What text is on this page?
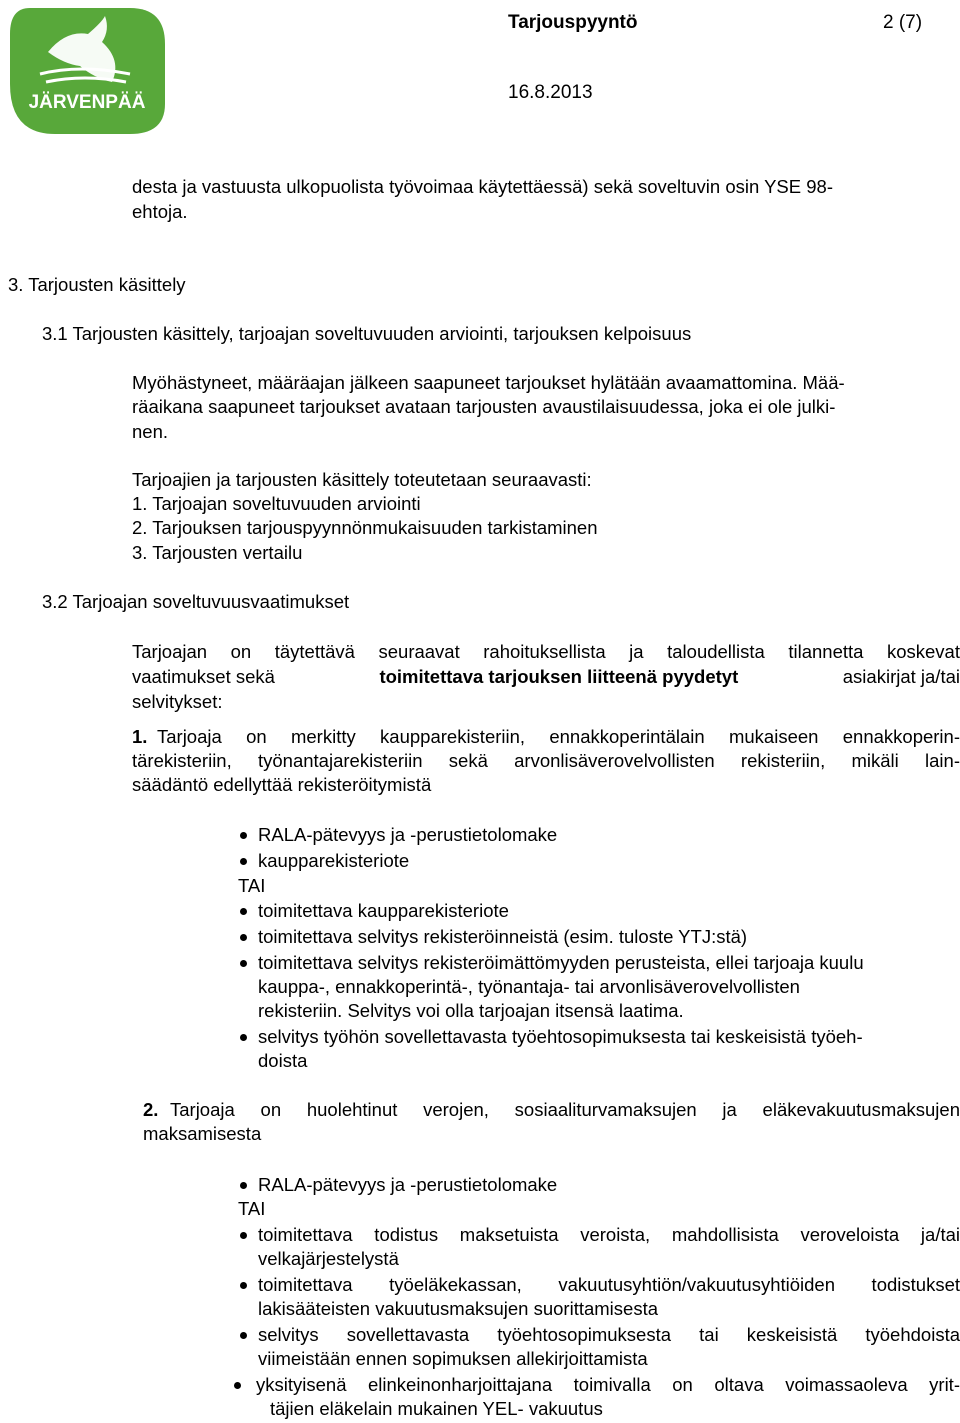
JÄRVENPÄÄ
Tarjouspyyntö	2 (7)
16.8.2013
desta ja vastuusta ulkopuolista työvoimaa käytettäessä) sekä soveltuvin osin YSE 98-
ehtoja.
3. Tarjousten käsittely
3.1 Tarjousten käsittely, tarjoajan soveltuvuuden arviointi, tarjouksen kelpoisuus
Myöhästyneet, määräajan jälkeen saapuneet tarjoukset hylätään avaamattomina. Mää-
räaikana saapuneet tarjoukset avataan tarjousten avaustilaisuudessa, joka ei ole julki-
nen.
Tarjoajien ja tarjousten käsittely toteutetaan seuraavasti:
1. Tarjoajan soveltuvuuden arviointi
2. Tarjouksen tarjouspyynnönmukaisuuden tarkistaminen
3. Tarjousten vertailu
3.2 Tarjoajan soveltuvuusvaatimukset
Tarjoajan on täytettävä seuraavat rahoituksellista ja taloudellista tilannetta koskevat
vaatimukset sekä	toimitettava tarjouksen liitteenä pyydetyt	asiakirjat ja/tai
selvitykset:
1. Tarjoaja on merkitty kaupparekisteriin, ennakkoperintälain mukaiseen ennakkoperin-
tärekisteriin, työnantajarekisteriin sekä arvonlisäverovelvollisten rekisteriin, mikäli lain-
säädäntö edellyttää rekisteröitymistä
RALA-pätevyys ja -perustietolomake
kaupparekisteriote
TAI
toimitettava kaupparekisteriote
toimitettava selvitys rekisteröinneistä (esim. tuloste YTJ:stä)
toimitettava selvitys rekisteröimättömyyden perusteista, ellei tarjoaja kuulu
kauppa-, ennakkoperintä-, työnantaja- tai arvonlisäverovelvollisten
rekisteriin. Selvitys voi olla tarjoajan itsensä laatima.
selvitys työhön sovellettavasta työehtosopimuksesta tai keskeisistä työeh-
doista
2. Tarjoaja on huolehtinut verojen, sosiaaliturvamaksujen ja eläkevakuutusmaksujen
maksamisesta
RALA-pätevyys ja -perustietolomake
TAI
toimitettava todistus maksetuista veroista, mahdollisista veroveloista ja/tai
velkajärjestelystä
toimitettava työeläkekassan, vakuutusyhtiön/vakuutusyhtiöiden todistukset
lakisääteisten vakuutusmaksujen suorittamisesta
selvitys sovellettavasta työehtosopimuksesta tai keskeisistä työehdoista
viimeistään ennen sopimuksen allekirjoittamista
yksityisenä elinkeinonharjoittajana toimivalla on oltava voimassaoleva yrit-
täjien eläkelain mukainen YEL- vakuutus
